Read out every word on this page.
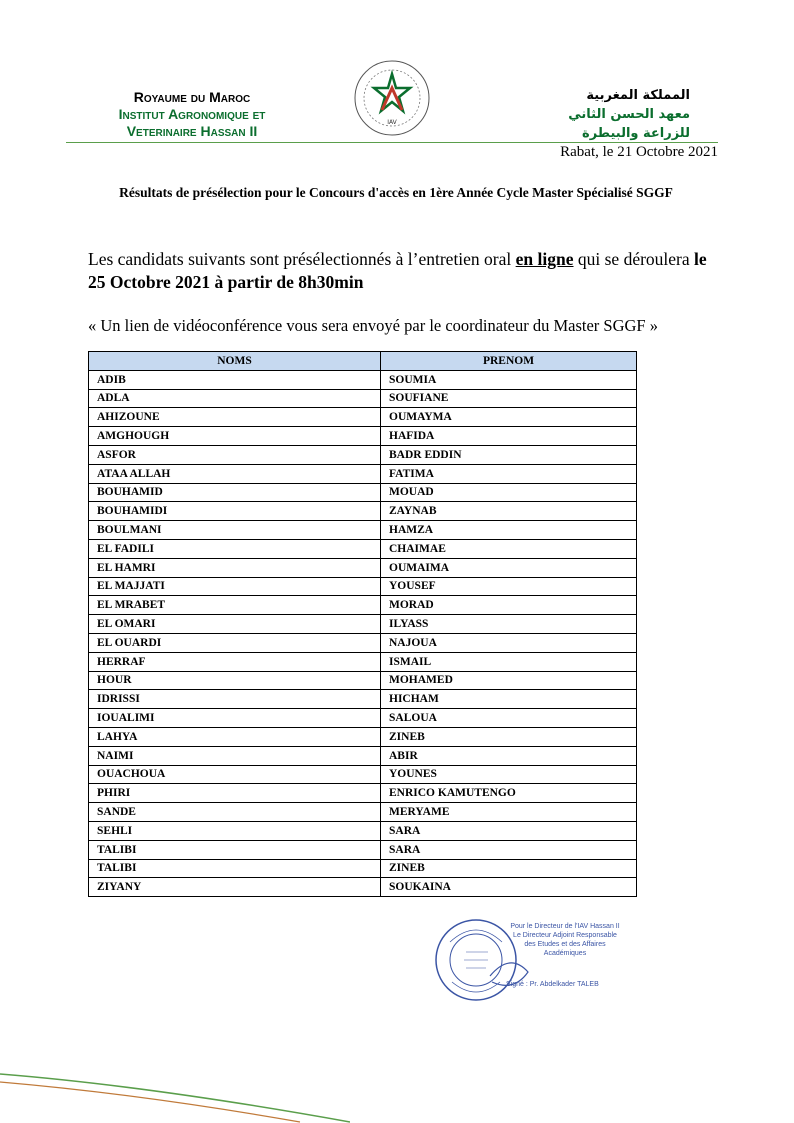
Royaume du Maroc
Institut Agronomique et
Veterinaire Hassan II
IAV
المملكة المغربية
معهد الحسن الثاني
للزراعة والبيطرة
Rabat, le 21 Octobre 2021
Résultats de présélection pour le Concours d'accès en 1ère Année Cycle Master Spécialisé SGGF
Les candidats suivants sont présélectionnés à l’entretien oral en ligne qui se déroulera le 25 Octobre 2021 à partir de 8h30min
« Un lien de vidéoconférence vous sera envoyé par le coordinateur du Master SGGF »
NOMS	PRENOM
ADIB	SOUMIA
ADLA	SOUFIANE
AHIZOUNE	OUMAYMA
AMGHOUGH	HAFIDA
ASFOR	BADR EDDIN
ATAA ALLAH	FATIMA
BOUHAMID	MOUAD
BOUHAMIDI	ZAYNAB
BOULMANI	HAMZA
EL FADILI	CHAIMAE
EL HAMRI	OUMAIMA
EL MAJJATI	YOUSEF
EL MRABET	MORAD
EL OMARI	ILYASS
EL OUARDI	NAJOUA
HERRAF	ISMAIL
HOUR	MOHAMED
IDRISSI	HICHAM
IOUALIMI	SALOUA
LAHYA	ZINEB
NAIMI	ABIR
OUACHOUA	YOUNES
PHIRI	ENRICO KAMUTENGO
SANDE	MERYAME
SEHLI	SARA
TALIBI	SARA
TALIBI	ZINEB
ZIYANY	SOUKAINA
Pour le Directeur de l'IAV Hassan II
Le Directeur Adjoint Responsable
des Etudes et des Affaires
Académiques
Signé : Pr. Abdelkader TALEB
